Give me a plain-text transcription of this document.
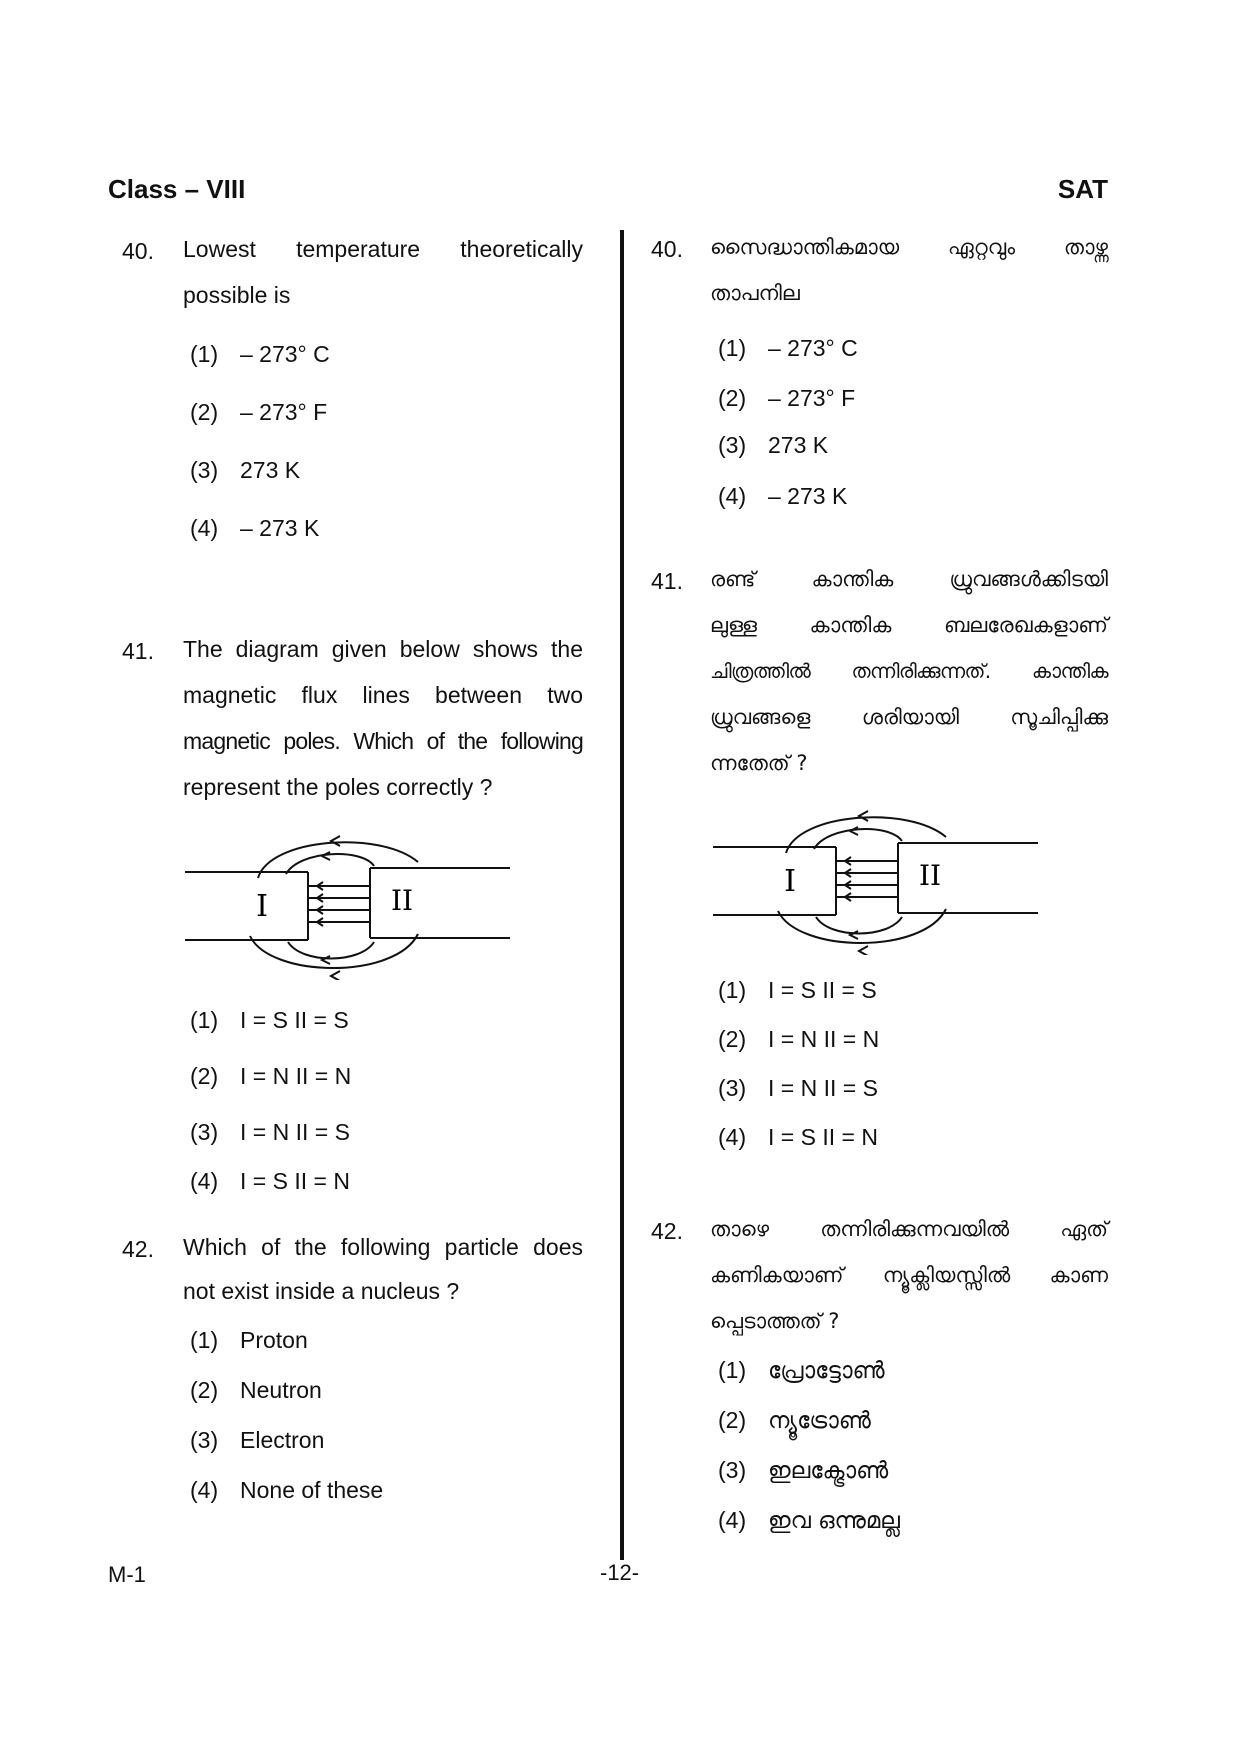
Class – VIII	SAT
40. Lowest temperature theoretically
possible is
(1) – 273° C
(2) – 273° F
(3) 273 K
(4) – 273 K
41. The diagram given below shows the
magnetic flux lines between two
magnetic poles. Which of the following
represent the poles correctly ?
I	II
(1) I = S II = S
(2) I = N II = N
(3) I = N II = S
(4) I = S II = N
42. Which of the following particle does
not exist inside a nucleus ?
(1) Proton
(2) Neutron
(3) Electron
(4) None of these
40. സൈദ്ധാന്തികമായ ഏറ്റവും താഴ്ന്ന
താപനില
(1) – 273° C
(2) – 273° F
(3) 273 K
(4) – 273 K
41. രണ്ട് കാന്തിക ധ്രുവങ്ങൾക്കിടയി
ലുള്ള കാന്തിക ബലരേഖകളാണ്
ചിത്രത്തിൽ തന്നിരിക്കുന്നത്. കാന്തിക
ധ്രുവങ്ങളെ ശരിയായി സൂചിപ്പിക്കു
ന്നതേത് ?
I	II
(1) I = S II = S
(2) I = N II = N
(3) I = N II = S
(4) I = S II = N
42. താഴെ തന്നിരിക്കുന്നവയിൽ ഏത്
കണികയാണ് ന്യൂക്ലിയസ്സിൽ കാണ
പ്പെടാത്തത് ?
(1) പ്രോട്ടോൺ
(2) ന്യൂട്രോൺ
(3) ഇലക്ട്രോൺ
(4) ഇവ ഒന്നുമല്ല
M-1	-12-
